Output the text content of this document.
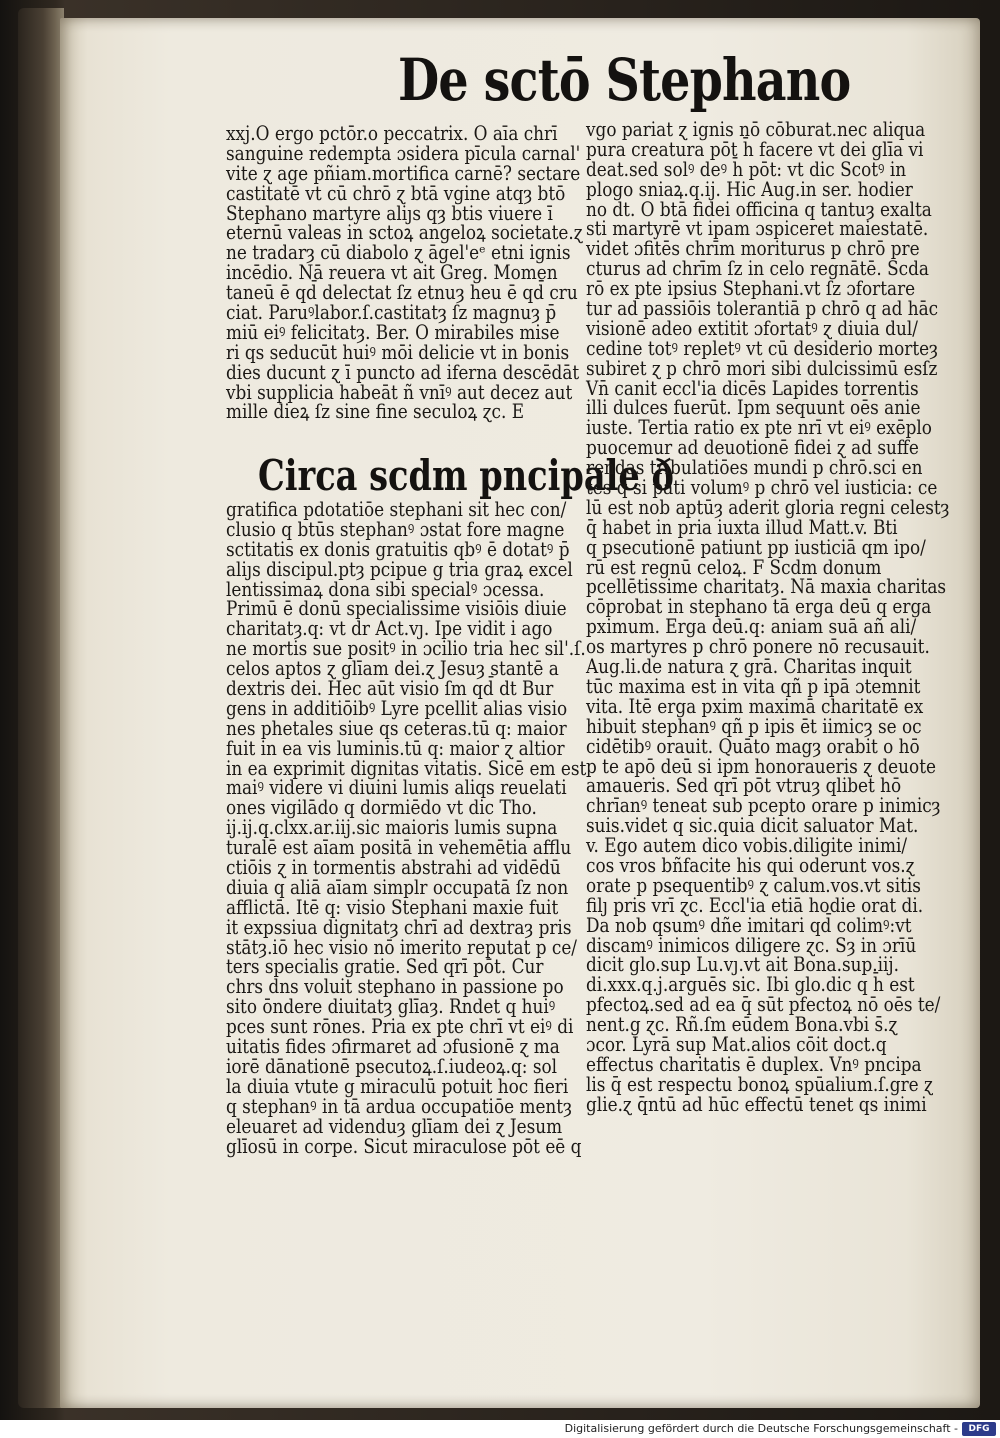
De sctō Stephano
xxj.O ergo pctōr.o peccatrix. O aīa chrī
sanguine redempta ɔsidera pīcula carnal'
vite ɀ age pñiam.mortifica carnē? sectare
castitatē vt cū chrō ɀ btā vgine atqȝ btō
Stephano martyre aliȷs qȝ btis viuere ī
eternū valeas in sctoꝝ angeloꝝ societate.ɀ
ne tradarȝ cū diabolo ɀ āgel'eᵉ etni ignis
incēdio. Nā reuera vt ait Greg. Momen
taneū ē qd̄ delectat ſz etnuȝ heu ē qd̄ cru
ciat. Paruꝰlabor.ſ.castitatȝ ſz magnuȝ p̄
miū eiꝰ felicitatȝ. Ber. O mirabiles mise
ri qs seducūt huiꝰ mōi delicie vt in bonis
dies ducunt ɀ ī puncto ad iferna descēdāt
vbi supplicia habeāt ñ vnīꝰ aut decez aut
mille dieꝝ ſz sine fine seculoꝝ ɀc. E
Circa scdm pncipale ð
gratifica pdotatiōe stephani sit hec con/
clusio q btūs stephanꝰ ɔstat fore magne
sctitatis ex donis gratuitis qbꝰ ē dotatꝰ p̄
aliȷs discipul.ptȝ pcipue g tria graꝝ excel
lentissimaꝝ dona sibi specialꝰ ɔcessa.
Primū ē donū specialissime visiōis diuie
charitatȝ.q: vt dr Act.vȷ. Ipe vidit i ago
ne mortis sue positꝰ in ɔcilio tria hec sil'.ſ.
celos aptos ɀ glīam dei.ɀ Jesuȝ stantē a
dextris dei. Hec aūt visio ſm qd̄ dt Bur
gens in additiōibꝰ Lyre pcellit alias visio
nes phetales siue qs ceteras.tū q: maior
fuit in ea vis luminis.tū q: maior ɀ altior
in ea exprimit dignitas vitatis. Sicē em est
maiꝰ videre vi diuini lumis aliqs reuelati
ones vigilādo q dormiēdo vt dic Tho.
ij.ij.q.clxx.ar.iij.sic maioris lumis supna
turalē est aīam positā in vehemētia afflu
ctiōis ɀ in tormentis abstrahi ad vidēdū
diuia q aliā aīam simplr occupatā ſz non
afflictā. Itē q: visio Stephani maxie fuit
it expssiua dignitatȝ chrī ad dextraȝ pris
stātȝ.iō hec visio nō imerito reputat p ce/
ters specialis gratie. Sed qrī pōt. Cur
chrs dns voluit stephano in passione po
sito ōndere diuitatȝ glīaȝ. Rndet q huiꝰ
pces sunt rōnes. Pria ex pte chrī vt eiꝰ di
uitatis fides ɔfirmaret ad ɔfusionē ɀ ma
iorē dānationē psecutoꝝ.ſ.iudeoꝝ.q: sol
la diuia vtute g miraculū potuit hoc fieri
q stephanꝰ in tā ardua occupatiōe mentȝ
eleuaret ad videnduȝ glīam dei ɀ Jesum
glīosū in corpe. Sicut miraculose pōt eē q
vgo pariat ɀ ignis nō cōburat.nec aliqua
pura creatura pōt h̄ facere vt dei glīa vi
deat.sed solꝰ deꝰ h̄ pōt: vt dic Scotꝰ in
plogo sniaꝝ.q.ij. Hic Aug.in ser. hodier
no dt. O btā fidei officina q tantuȝ exalta
sti martyrē vt ipam ɔspiceret maiestatē.
videt ɔfitēs chrīm moriturus p chrō pre
cturus ad chrīm ſz in celo regnātē. Scda
rō ex pte ipsius Stephani.vt ſz ɔfortare
tur ad passiōis tolerantiā p chrō q ad hāc
visionē adeo extitit ɔfortatꝰ ɀ diuia dul/
cedine totꝰ repletꝰ vt cū desiderio morteȝ
subiret ɀ p chrō mori sibi dulcissimū esſz
Vn̄ canit eccl'ia dicēs Lapides torrentis
illi dulces fuerūt. Ipm sequunt oēs anie
iuste. Tertia ratio ex pte nrī vt eiꝰ exēplo
puocemur ad deuotionē fidei ɀ ad suffe
rendas tribulatiōes mundi p chrō.sci en
tes q si pati volumꝰ p chrō vel iusticia: ce
lū est nob aptūȝ aderit gloria regni celestȝ
q̄ habet in pria iuxta illud Matt.v. Bti
q psecutionē patiunt pp iusticiā qm ipo/
rū est regnū celoꝝ. F Scdm donum
pcellētissime charitatȝ. Nā maxia charitas
cōprobat in stephano tā erga deū q erga
pximum. Erga deū.q: aniam suā añ ali/
os martyres p chrō ponere nō recusauit.
Aug.li.de natura ɀ grā. Charitas inquit
tūc maxima est in vita qñ p ipā ɔtemnit
vita. Itē erga pxim maximā charitatē ex
hibuit stephanꝰ qñ p ipis ēt iimicȝ se oc
cidētibꝰ orauit. Quāto magȝ orabit o hō
p te apō deū si ipm honoraueris ɀ deuote
amaueris. Sed qrī pōt vtruȝ qlibet hō
chrīanꝰ teneat sub pcepto orare p inimicȝ
suis.videt q sic.quia dicit saluator Mat.
v. Ego autem dico vobis.diligite inimi/
cos vros bñfacite his qui oderunt vos.ɀ
orate p psequentibꝰ ɀ calum.vos.vt sitis
filȷ pris vrī ɀc. Eccl'ia etiā hodie orat di.
Da nob qsumꝰ dñe imitari qd̄ colimꝰ:vt
discamꝰ inimicos diligere ɀc. Sȝ in ɔrīū
dicit glo.sup Lu.vȷ.vt ait Bona.sup.iij.
di.xxx.q.j.arguēs sic. Ibi glo.dic q h̄ est
pfectoꝝ.sed ad ea q̄ sūt pfectoꝝ nō oēs te/
nent.g ɀc. Rñ.ſm eūdem Bona.vbi s̄.ɀ
ɔcor. Lyrā sup Mat.alios cōit doct.q
effectus charitatis ē duplex. Vnꝰ pncipa
lis q̄ est respectu bonoꝝ spūalium.ſ.gre ɀ
glie.ɀ q̄ntū ad hūc effectū tenet qs inimi
Digitalisierung gefördert durch die Deutsche Forschungsgemeinschaft -	DFG
